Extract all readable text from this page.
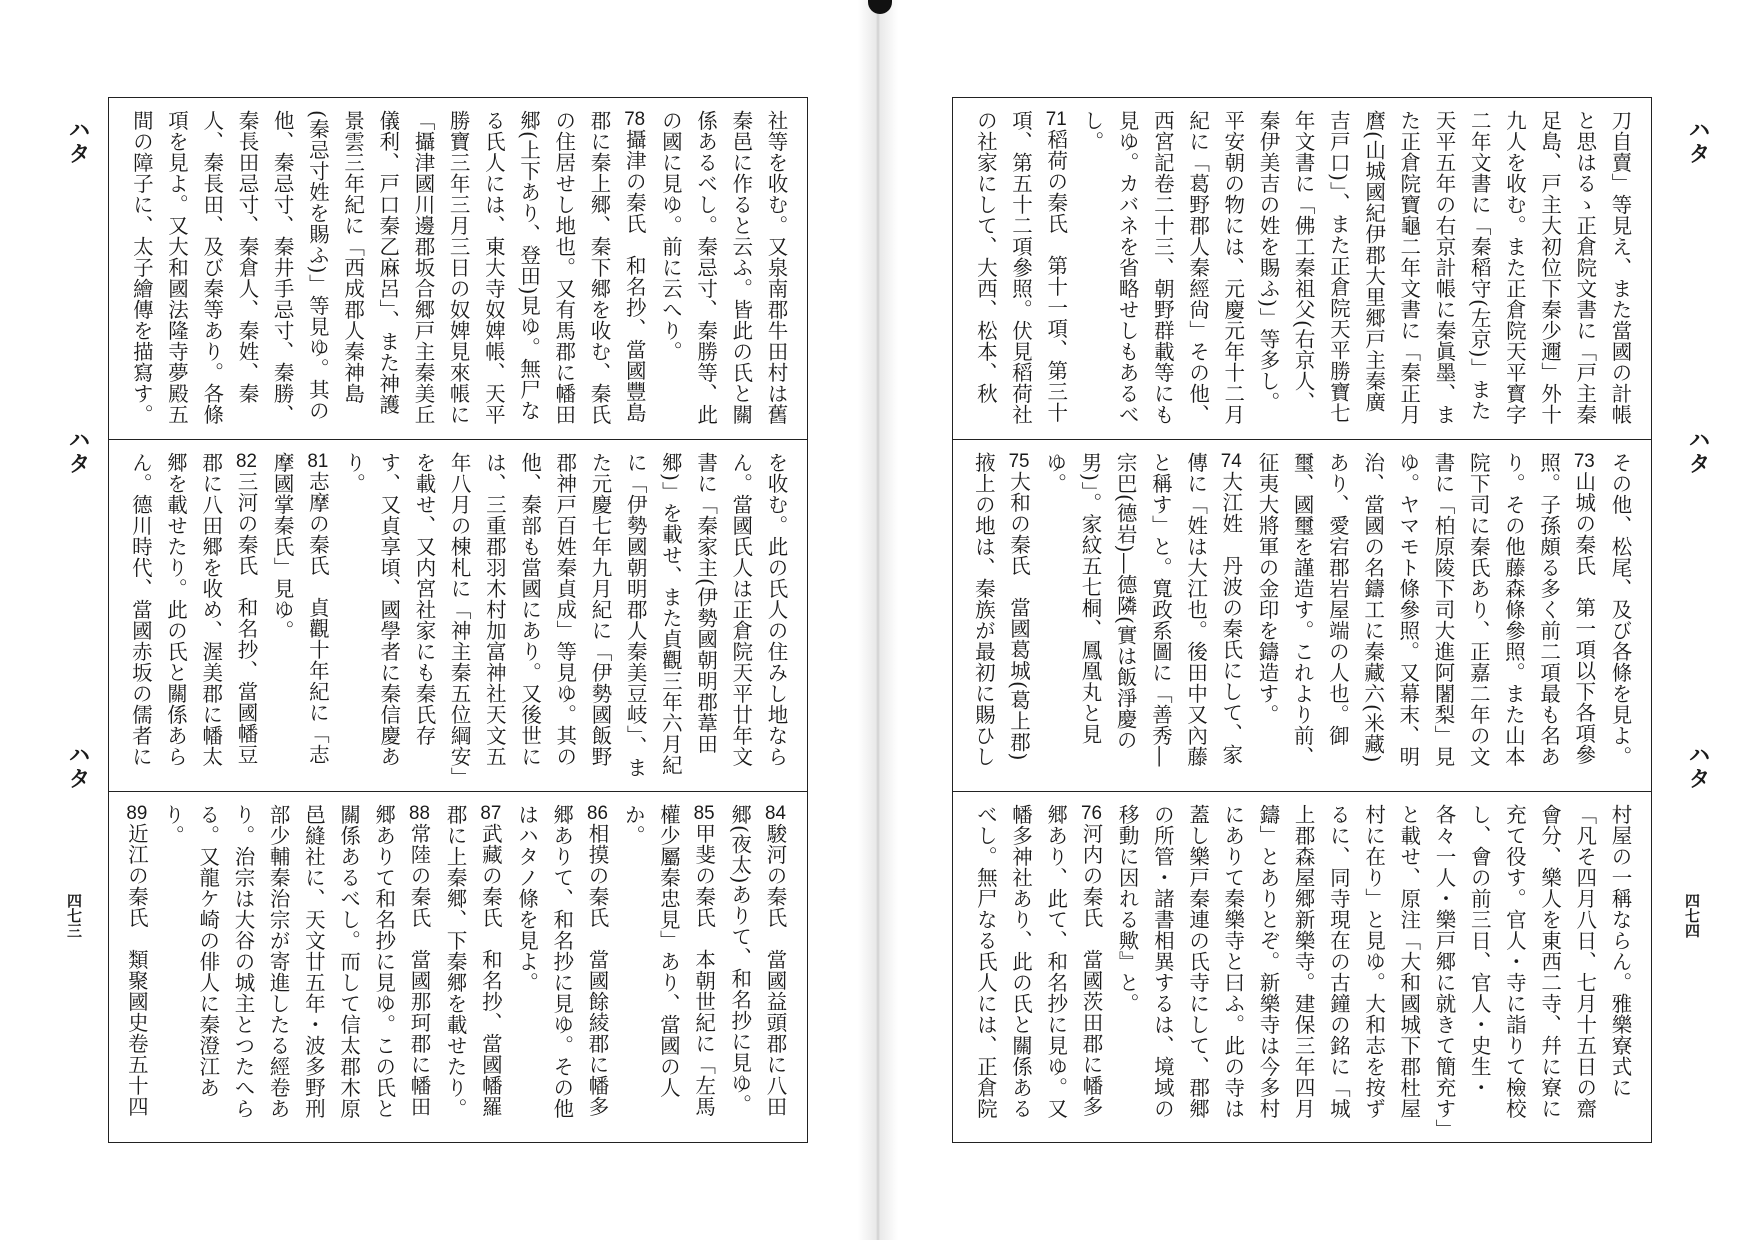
ハタ
ハタ
ハタ
四七三
社等を收む。又泉南郡牛田村は舊秦邑に作ると云ふ。皆此の氏と關係あるべし。秦忌寸、秦勝等、此の國に見ゆ。前に云へり。
78攝津の秦氏　和名抄、當國豐島郡に秦上郷、秦下郷を收む、秦氏の住居せし地也。又有馬郡に幡田郷(上下あり、登田)見ゆ。無尸なる氏人には、東大寺奴婢帳、天平勝寶三年三月三日の奴婢見來帳に「攝津國川邊郡坂合郷戸主秦美丘儀利、戸口秦乙麻呂」、また神護景雲三年紀に「西成郡人秦神島(秦忌寸姓を賜ふ)」等見ゆ。其の他、秦忌寸、秦井手忌寸、秦勝、秦長田忌寸、秦倉人、秦姓、秦人、秦長田、及び秦等あり。各條項を見よ。又大和國法隆寺夢殿五間の障子に、太子繪傳を描寫す。

を收む。此の氏人の住みし地ならん。當國氏人は正倉院天平廿年文書に「秦家主(伊勢國朝明郡葦田郷)」を載せ、また貞觀三年六月紀に「伊勢國朝明郡人秦美豆岐」、また元慶七年九月紀に「伊勢國飯野郡神戸百姓秦貞成」等見ゆ。其の他、秦部も當國にあり。又後世には、三重郡羽木村加富神社天文五年八月の棟札に「神主秦五位綱安」を載せ、又内宮社家にも秦氏存す、又貞享頃、國學者に秦信慶あり。
81志摩の秦氏　貞觀十年紀に「志摩國掌秦氏」見ゆ。
82三河の秦氏　和名抄、當國幡豆郡に八田郷を收め、渥美郡に幡太郷を載せたり。此の氏と關係あらん。德川時代、當國赤坂の儒者に

84駿河の秦氏　當國益頭郡に八田郷(夜太)ありて、和名抄に見ゆ。
85甲斐の秦氏　本朝世紀に「左馬權少屬秦忠見」あり、當國の人か。
86相摸の秦氏　當國餘綾郡に幡多郷ありて、和名抄に見ゆ。その他はハタノ條を見よ。
87武藏の秦氏　和名抄、當國幡羅郡に上秦郷、下秦郷を載せたり。
88常陸の秦氏　當國那珂郡に幡田郷ありて和名抄に見ゆ。この氏と關係あるべし。而して信太郡木原邑縫社に、天文廿五年・波多野刑部少輔秦治宗が寄進したる經卷あり。治宗は大谷の城主とつたへらる。又龍ケ崎の俳人に秦澄江あり。
89近江の秦氏　類聚國史卷五十四
ハタ
ハタ
ハタ
四七四
刀自賣」等見え、また當國の計帳と思はるゝ正倉院文書に「戸主秦足島、戸主大初位下秦少邇」外十九人を收む。また正倉院天平寳字二年文書に「秦稻守(左京)」また天平五年の右京計帳に秦眞墨、また正倉院寶龜二年文書に「秦正月麿(山城國紀伊郡大里郷戸主秦廣吉戸口)」、また正倉院天平勝寶七年文書に「佛工秦祖父(右京人、秦伊美吉の姓を賜ふ)」等多し。平安朝の物には、元慶元年十二月紀に「葛野郡人秦經尙」その他、西宮記卷二十三、朝野群載等にも見ゆ。カバネを省略せしもあるべし。
71稻荷の秦氏　第十一項、第三十項、第五十二項參照。伏見稻荷社の社家にして、大西、松本、秋

その他、松尾、及び各條を見よ。
73山城の秦氏　第一項以下各項參照。子孫頗る多く前二項最も名あり。その他藤森條參照。また山本院下司に秦氏あり、正嘉二年の文書に「柏原陵下司大進阿闍梨」見ゆ。ヤマモト條參照。又幕末、明治、當國の名鑄工に秦藏六(米藏)あり、愛宕郡岩屋端の人也。御璽、國璽を謹造す。これより前、征夷大將軍の金印を鑄造す。
74大江姓　丹波の秦氏にして、家傳に「姓は大江也。後田中又內藤と稱す」と。寬政系圖に「善秀―宗巴(德岩)―德隣(實は飯淨慶の男)」。家紋五七桐、鳳凰丸と見ゆ。
75大和の秦氏　當國葛城(葛上郡)掖上の地は、秦族が最初に賜ひし
村屋の一稱ならん。雅樂寮式に「凡そ四月八日、七月十五日の齋會分、樂人を東西二寺、幷に寮に充て役す。官人・寺に詣りて檢校し、會の前三日、官人・史生・各々一人・樂戸郷に就きて簡充す」と載せ、原注「大和國城下郡杜屋村に在り」と見ゆ。大和志を按ずるに、同寺現在の古鐘の銘に「城上郡森屋郷新樂寺。建保三年四月鑄」とありとぞ。新樂寺は今多村にありて秦樂寺と曰ふ。此の寺は蓋し樂戸秦連の氏寺にして、郡郷の所管・諸書相異するは、境域の移動に因れる歟』と。
76河内の秦氏　當國茨田郡に幡多郷あり、此て、和名抄に見ゆ。又幡多神社あり、此の氏と關係あるべし。無尸なる氏人には、正倉院
